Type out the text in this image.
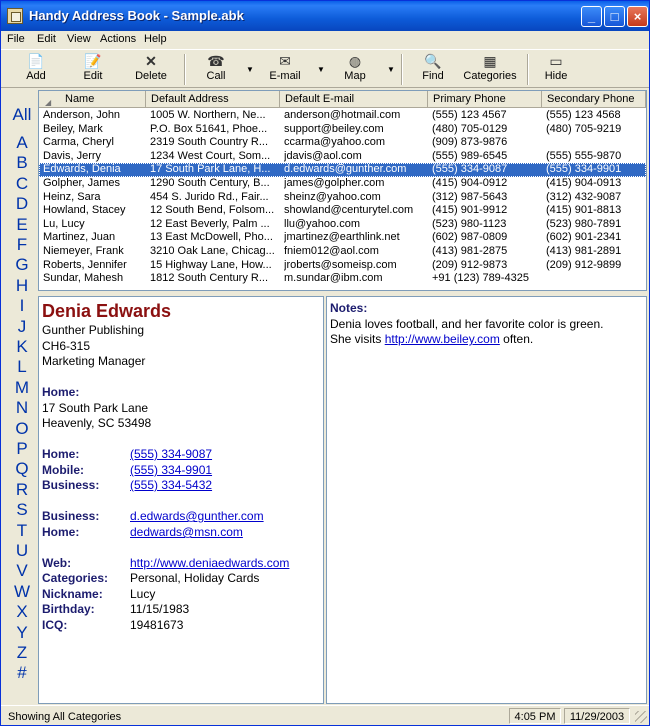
Handy Address Book - Sample.abk	_	□	×
File Edit View Actions Help
📄
Add
📝
Edit
✕
Delete
☎
Call
▼
✉
E-mail
▼
◍
Map
▼
🔍
Find
▦
Categories
▭
Hide
All
A
B
C
D
E
F
G
H
I
J
K
L
M
N
O
P
Q
R
S
T
U
V
W
X
Y
Z
#
◢ Name	Default Address	Default E-mail	Primary Phone	Secondary Phone
Anderson, John	1005 W. Northern, Ne...	anderson@hotmail.com	(555) 123 4567	(555) 123 4568
Beiley, Mark	P.O. Box 51641, Phoe...	support@beiley.com	(480) 705-0129	(480) 705-9219
Carma, Cheryl	2319 South Country R...	ccarma@yahoo.com	(909) 873-9876
Davis, Jerry	1234 West Court, Som...	jdavis@aol.com	(555) 989-6545	(555) 555-9870
Edwards, Denia	17 South Park Lane, H...	d.edwards@gunther.com	(555) 334-9087	(555) 334-9901
Golpher, James	1290 South Century, B...	james@golpher.com	(415) 904-0912	(415) 904-0913
Heinz, Sara	454 S. Jurido Rd., Fair...	sheinz@yahoo.com	(312) 987-5643	(312) 432-9087
Howland, Stacey	12 South Bend, Folsom... showland@centurytel.com	(415) 901-9912	(415) 901-8813
Lu, Lucy	12 East Beverly, Palm ...	llu@yahoo.com	(523) 980-1123	(523) 980-7891
Martinez, Juan	13 East McDowell, Pho...	jmartinez@earthlink.net	(602) 987-0809	(602) 901-2341
Niemeyer, Frank	3210 Oak Lane, Chicag... fniem012@aol.com	(413) 981-2875	(413) 981-2891
Roberts, Jennifer	15 Highway Lane, How...	jroberts@someisp.com	(209) 912-9873	(209) 912-9899
Sundar, Mahesh	1812 South Century R...	m.sundar@ibm.com	+91 (123) 789-4325
Denia Edwards
Gunther Publishing
CH6-315
Marketing Manager
Home:
17 South Park Lane
Heavenly, SC 53498
Home:	(555) 334-9087
Mobile:	(555) 334-9901
Business:	(555) 334-5432
Business:	d.edwards@gunther.com
Home:	dedwards@msn.com
Web:	http://www.deniaedwards.com
Categories: Personal, Holiday Cards
Nickname: Lucy
Birthday:	11/15/1983
ICQ:	19481673
Notes:
Denia loves football, and her favorite color is green.
She visits http://www.beiley.com often.
Showing All Categories	4:05 PM	11/29/2003
